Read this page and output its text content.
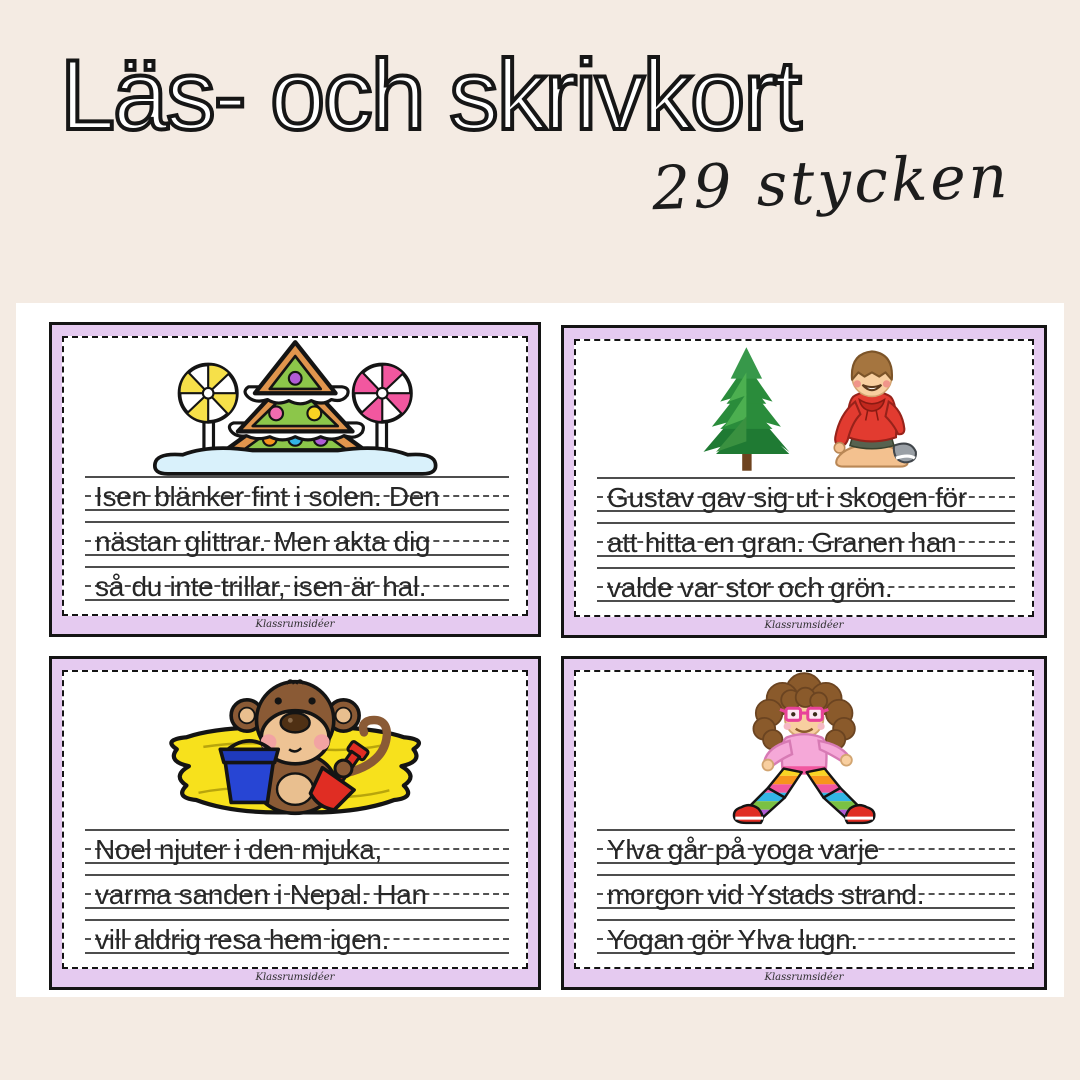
Läs- och skrivkort
29 stycken
Isen blänker fint i solen. Den
nästan glittrar. Men akta dig
så du inte trillar, isen är hal.
Klassrumsidéer
Gustav gav sig ut i skogen för
att hitta en gran. Granen han
valde var stor och grön.
Klassrumsidéer
Noel njuter i den mjuka,
varma sanden i Nepal. Han
vill aldrig resa hem igen.
Klassrumsidéer
Ylva går på yoga varje
morgon vid Ystads strand.
Yogan gör Ylva lugn.
Klassrumsidéer
